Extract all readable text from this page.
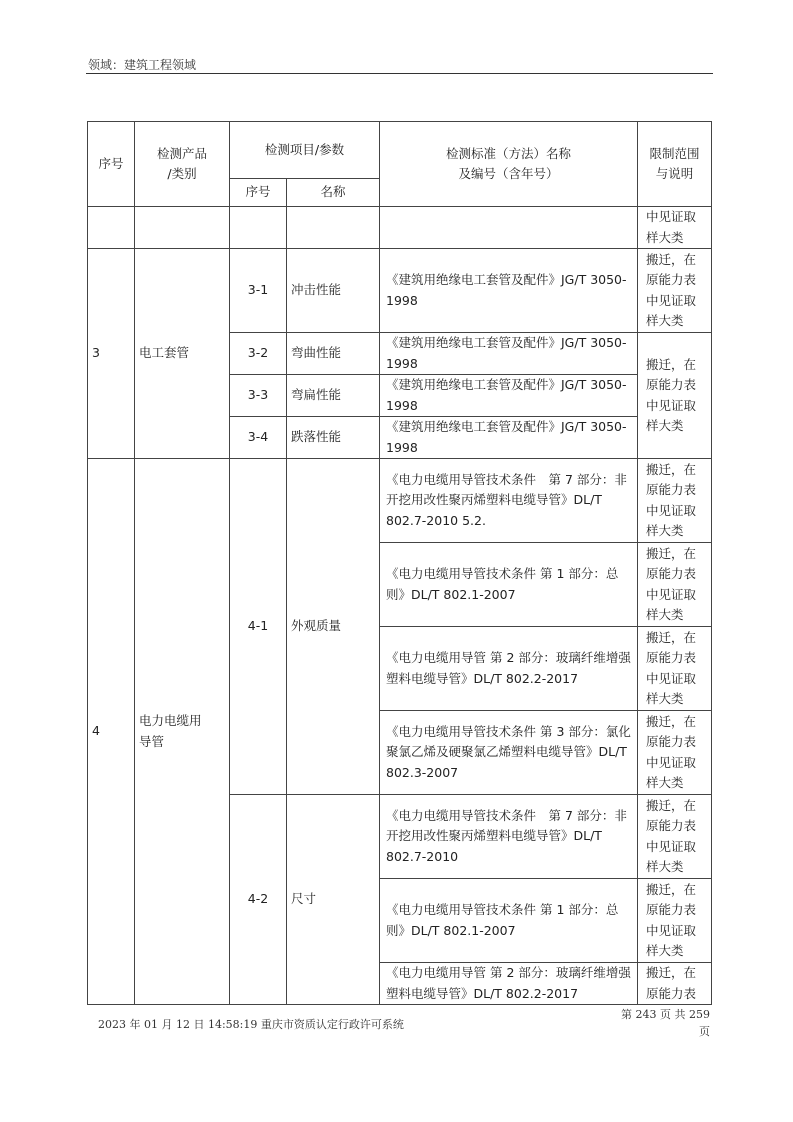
领域：建筑工程领域
序号	检测产品
/类别	检测项目/参数		检测标准（方法）名称
及编号（含年号）	限制范围
与说明
		序号	名称		
					中见证取
样大类
3	电工套管	3-1	冲击性能	《建筑用绝缘电工套管及配件》JG/T 3050-1998	搬迁，在
原能力表
中见证取
样大类
		3-2	弯曲性能	《建筑用绝缘电工套管及配件》JG/T 3050-1998	搬迁，在
原能力表
中见证取
样大类
		3-3	弯扁性能	《建筑用绝缘电工套管及配件》JG/T 3050-1998	
		3-4	跌落性能	《建筑用绝缘电工套管及配件》JG/T 3050-1998	
4	电力电缆用
导管	4-1	外观质量	《电力电缆用导管技术条件　第 7 部分：非开挖用改性聚丙烯塑料电缆导管》DL/T 802.7-2010 5.2.	搬迁，在
原能力表
中见证取
样大类
				《电力电缆用导管技术条件 第 1 部分：总则》DL/T 802.1-2007	搬迁，在
原能力表
中见证取
样大类
				《电力电缆用导管 第 2 部分：玻璃纤维增强塑料电缆导管》DL/T 802.2-2017	搬迁，在
原能力表
中见证取
样大类
				《电力电缆用导管技术条件 第 3 部分：氯化聚氯乙烯及硬聚氯乙烯塑料电缆导管》DL/T 802.3-2007	搬迁，在
原能力表
中见证取
样大类
		4-2	尺寸	《电力电缆用导管技术条件　第 7 部分：非开挖用改性聚丙烯塑料电缆导管》DL/T 802.7-2010	搬迁，在
原能力表
中见证取
样大类
				《电力电缆用导管技术条件 第 1 部分：总则》DL/T 802.1-2007	搬迁，在
原能力表
中见证取
样大类
				《电力电缆用导管 第 2 部分：玻璃纤维增强塑料电缆导管》DL/T 802.2-2017	搬迁，在
原能力表
2023 年 01 月 12 日 14:58:19 重庆市资质认定行政许可系统
第 243 页 共 259
页
